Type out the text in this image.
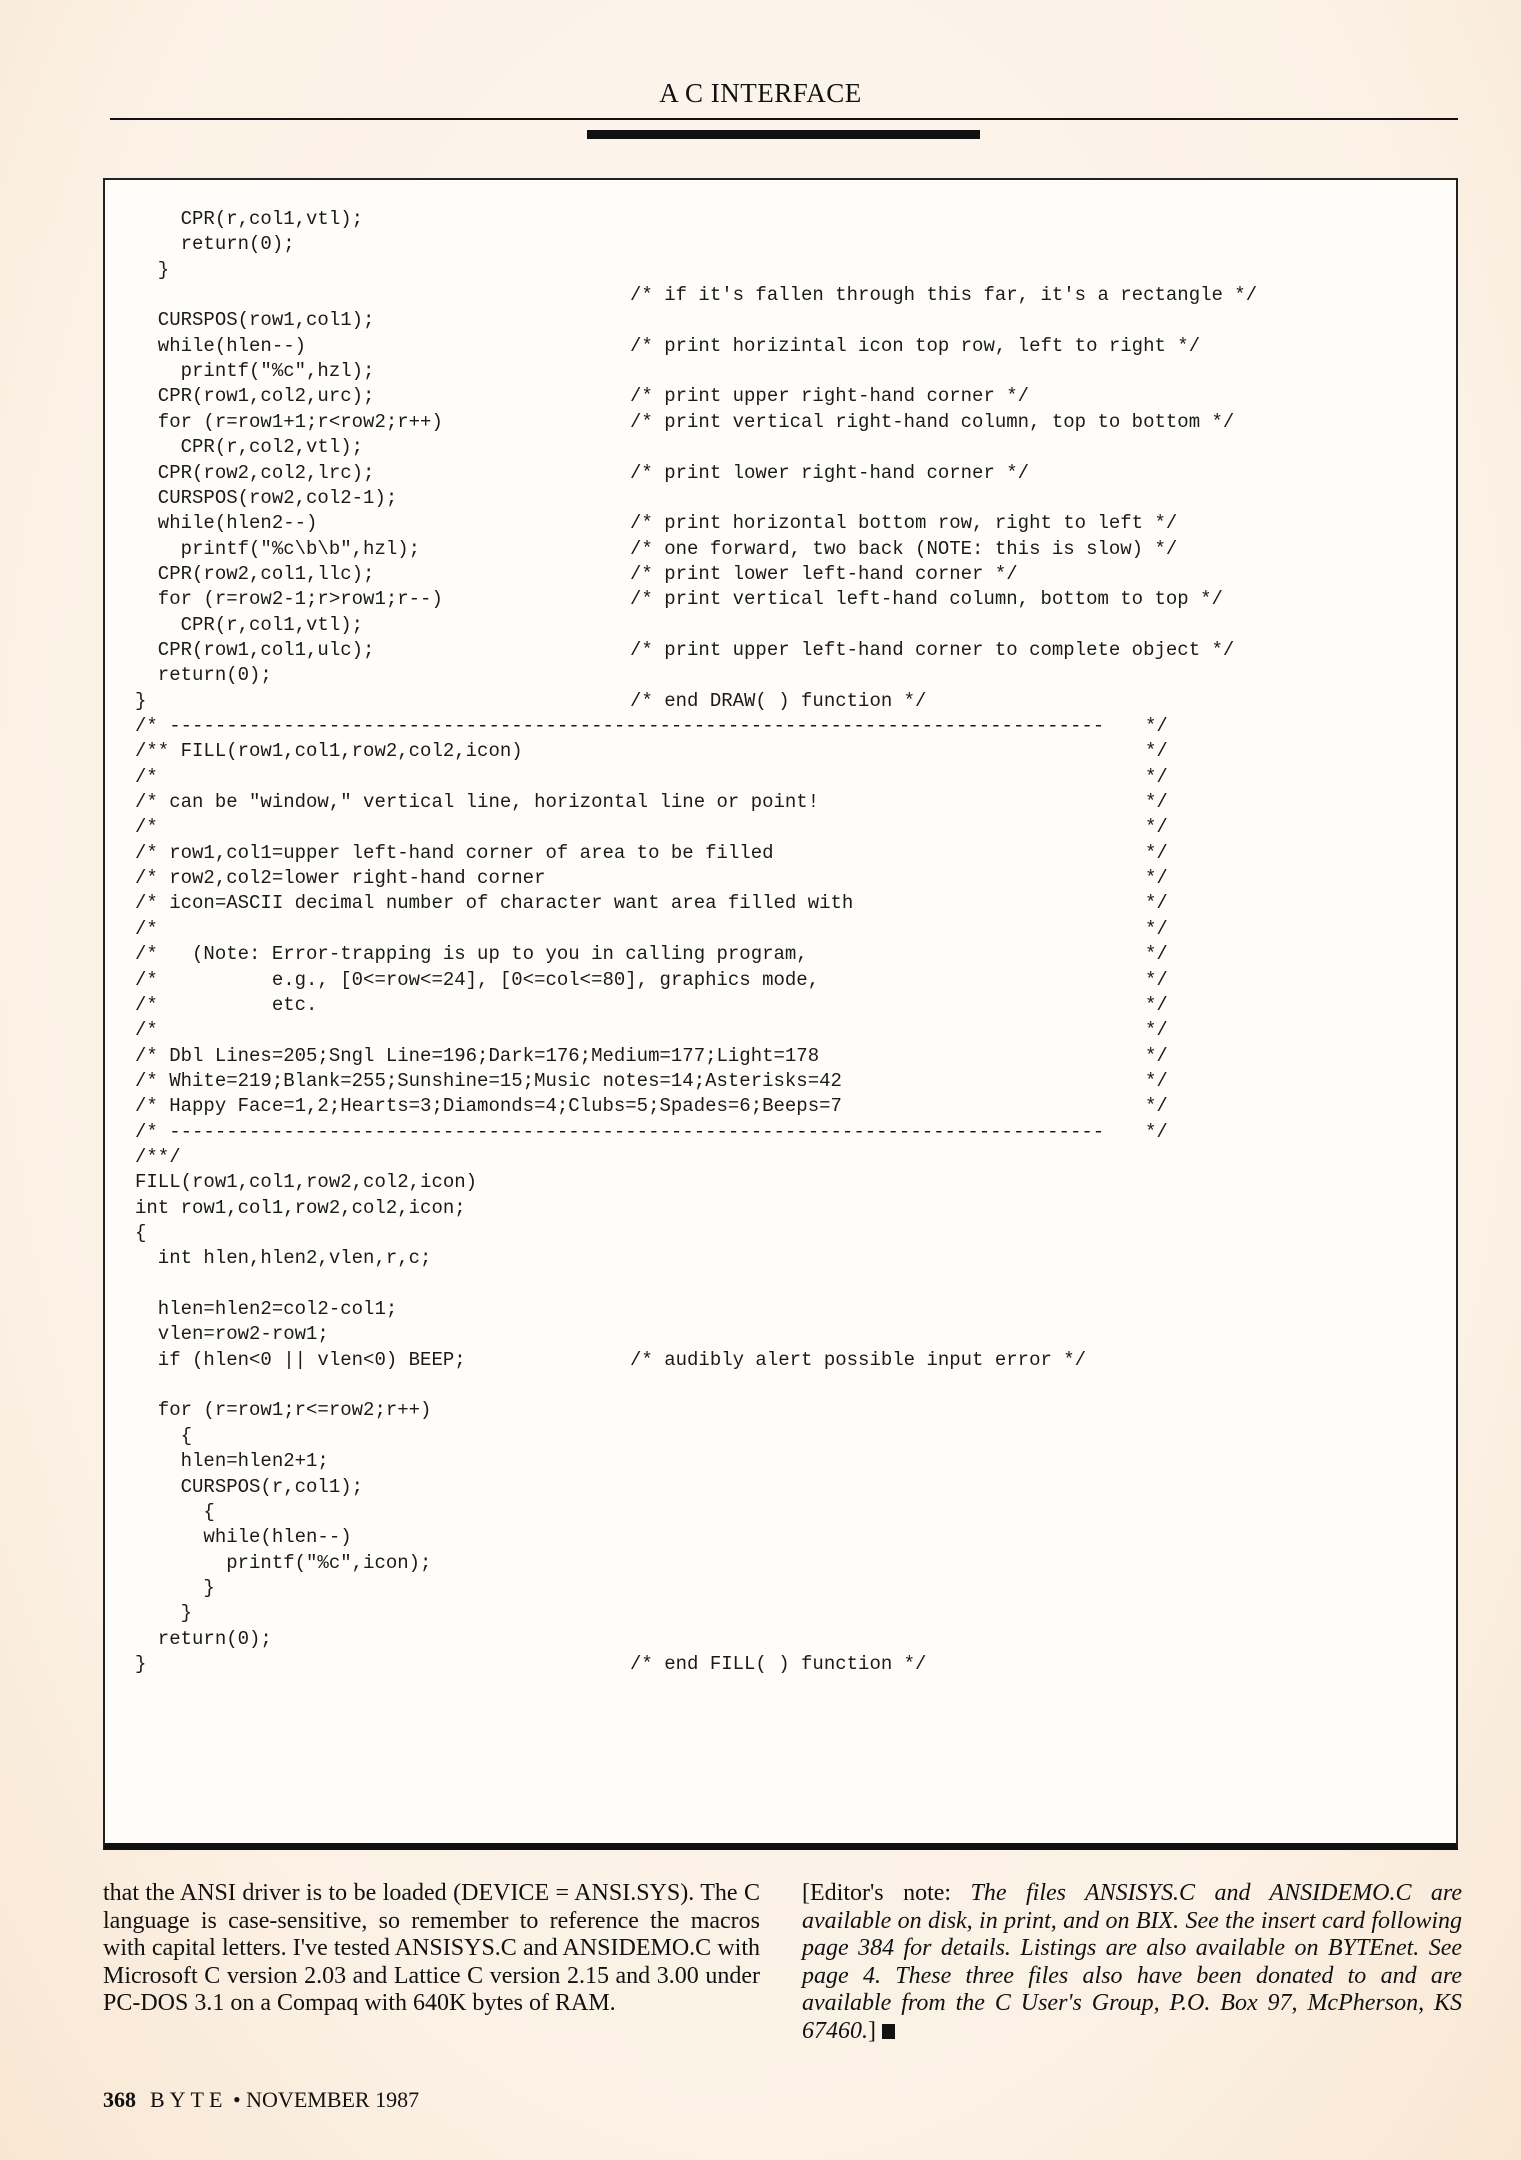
A C INTERFACE
CPR(r,col1,vtl);
return(0);
}
/* if it's fallen through this far, it's a rectangle */
CURSPOS(row1,col1);
while(hlen--)	/* print horizintal icon top row, left to right */
printf("%c",hzl);
CPR(row1,col2,urc);	/* print upper right-hand corner */
for (r=row1+1;r<row2;r++)	/* print vertical right-hand column, top to bottom */
CPR(r,col2,vtl);
CPR(row2,col2,lrc);	/* print lower right-hand corner */
CURSPOS(row2,col2-1);
while(hlen2--)	/* print horizontal bottom row, right to left */
printf("%c\b\b",hzl);	/* one forward, two back (NOTE: this is slow) */
CPR(row2,col1,llc);	/* print lower left-hand corner */
for (r=row2-1;r>row1;r--)	/* print vertical left-hand column, bottom to top */
CPR(r,col1,vtl);
CPR(row1,col1,ulc);	/* print upper left-hand corner to complete object */
return(0);
}	/* end DRAW( ) function */
/* ---------------------------------------------------------------------------------- */
/** FILL(row1,col1,row2,col2,icon)	*/
/*	*/
/* can be "window," vertical line, horizontal line or point!	*/
/*	*/
/* row1,col1=upper left-hand corner of area to be filled	*/
/* row2,col2=lower right-hand corner	*/
/* icon=ASCII decimal number of character want area filled with	*/
/*	*/
/*   (Note: Error-trapping is up to you in calling program,	*/
/*          e.g., [0<=row<=24], [0<=col<=80], graphics mode,	*/
/*          etc.	*/
/*	*/
/* Dbl Lines=205;Sngl Line=196;Dark=176;Medium=177;Light=178	*/
/* White=219;Blank=255;Sunshine=15;Music notes=14;Asterisks=42	*/
/* Happy Face=1,2;Hearts=3;Diamonds=4;Clubs=5;Spades=6;Beeps=7	*/
/* ---------------------------------------------------------------------------------- */
/**/
FILL(row1,col1,row2,col2,icon)
int row1,col1,row2,col2,icon;
{
int hlen,hlen2,vlen,r,c;
hlen=hlen2=col2-col1;
vlen=row2-row1;
if (hlen<0 || vlen<0) BEEP;	/* audibly alert possible input error */
for (r=row1;r<=row2;r++)
{
hlen=hlen2+1;
CURSPOS(r,col1);
{
while(hlen--)
printf("%c",icon);
}
}
return(0);
}	/* end FILL( ) function */
that the ANSI driver is to be loaded (DEVICE = ANSI.SYS). The C language is case-sensitive, so remember to reference the macros with capital letters. I've tested ANSISYS.C and ANSIDEMO.C with Microsoft C version 2.03 and Lattice C version 2.15 and 3.00 under PC-DOS 3.1 on a Compaq with 640K bytes of RAM.
[Editor's note: The files ANSISYS.C and ANSIDEMO.C are available on disk, in print, and on BIX. See the insert card following page 384 for details. Listings are also available on BYTEnet. See page 4. These three files also have been donated to and are available from the C User's Group, P.O. Box 97, McPherson, KS 67460.]
368 BYTE • NOVEMBER 1987
